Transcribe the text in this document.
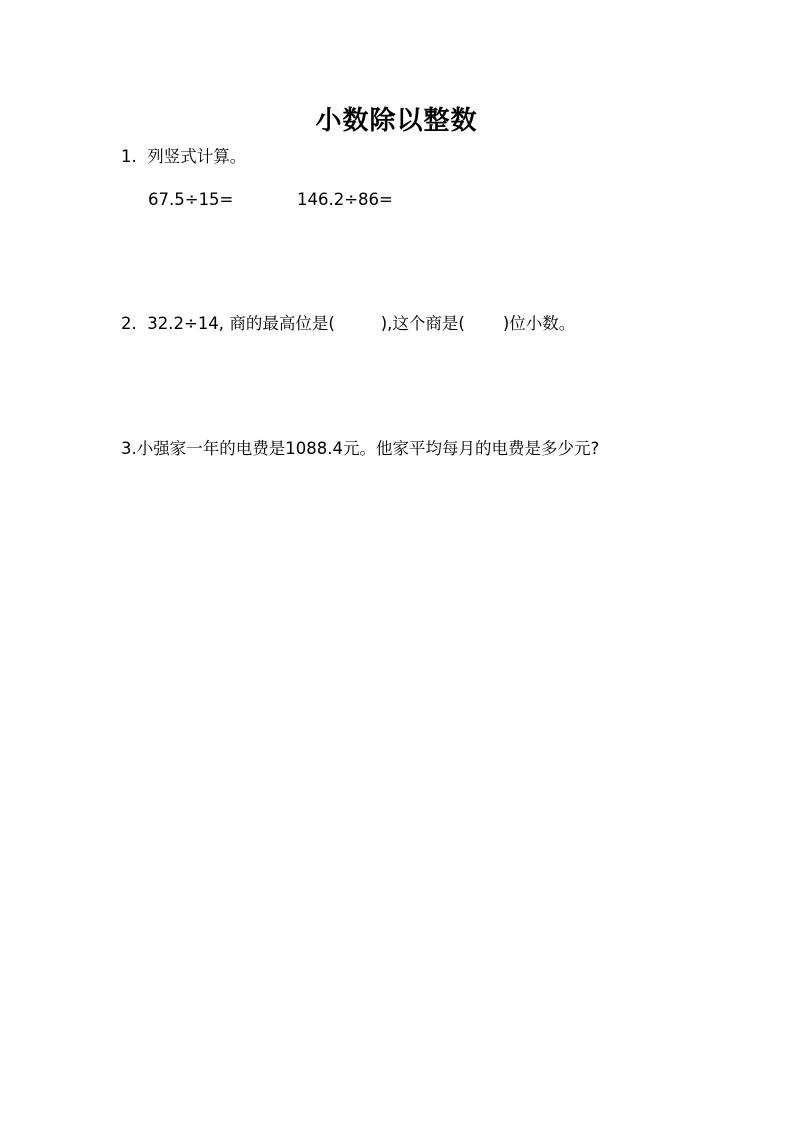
小数除以整数
1. 列竖式计算。
67.5÷15=	146.2÷86=
2. 32.2÷14, 商的最高位是(	),这个商是( )位小数。
3.小强家一年的电费是1088.4元。他家平均每月的电费是多少元?
